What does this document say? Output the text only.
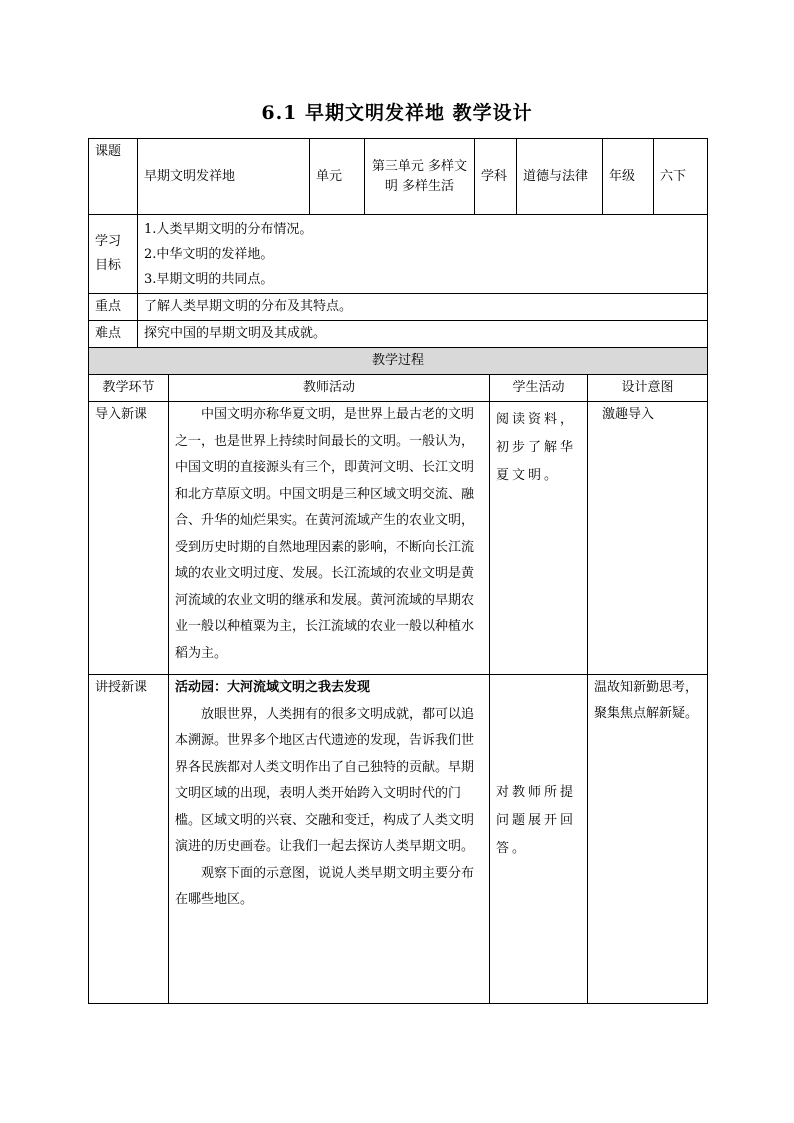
6.1 早期文明发祥地 教学设计
课题	早期文明发祥地	单元	第三单元 多样文明 多样生活	学科	道德与法律	年级	六下
学习目标	1.人类早期文明的分布情况。
2.中华文明的发祥地。
3.早期文明的共同点。						

重点	了解人类早期文明的分布及其特点。						
难点	探究中国的早期文明及其成就。						
教学过程			
教学环节	教师活动	学生活动	设计意图
导入新课	中国文明亦称华夏文明，是世界上最古老的文明之一，也是世界上持续时间最长的文明。一般认为，中国文明的直接源头有三个，即黄河文明、长江文明和北方草原文明。中国文明是三种区域文明交流、融合、升华的灿烂果实。在黄河流域产生的农业文明，受到历史时期的自然地理因素的影响，不断向长江流域的农业文明过度、发展。长江流域的农业文明是黄河流域的农业文明的继承和发展。黄河流域的早期农业一般以种植粟为主，长江流域的农业一般以种植水稻为主。	阅读资料，初步了解华夏文明。	激趣导入
讲授新课	活动园：大河流域文明之我去发现

放眼世界，人类拥有的很多文明成就，都可以追本溯源。世界多个地区古代遗迹的发现，告诉我们世界各民族都对人类文明作出了自己独特的贡献。早期文明区域的出现，表明人类开始跨入文明时代的门槛。区域文明的兴衰、交融和变迁，构成了人类文明演进的历史画卷。让我们一起去探访人类早期文明。

观察下面的示意图，说说人类早期文明主要分布在哪些地区。	对教师所提问题展开回答。	温故知新勤思考，聚集焦点解新疑。
